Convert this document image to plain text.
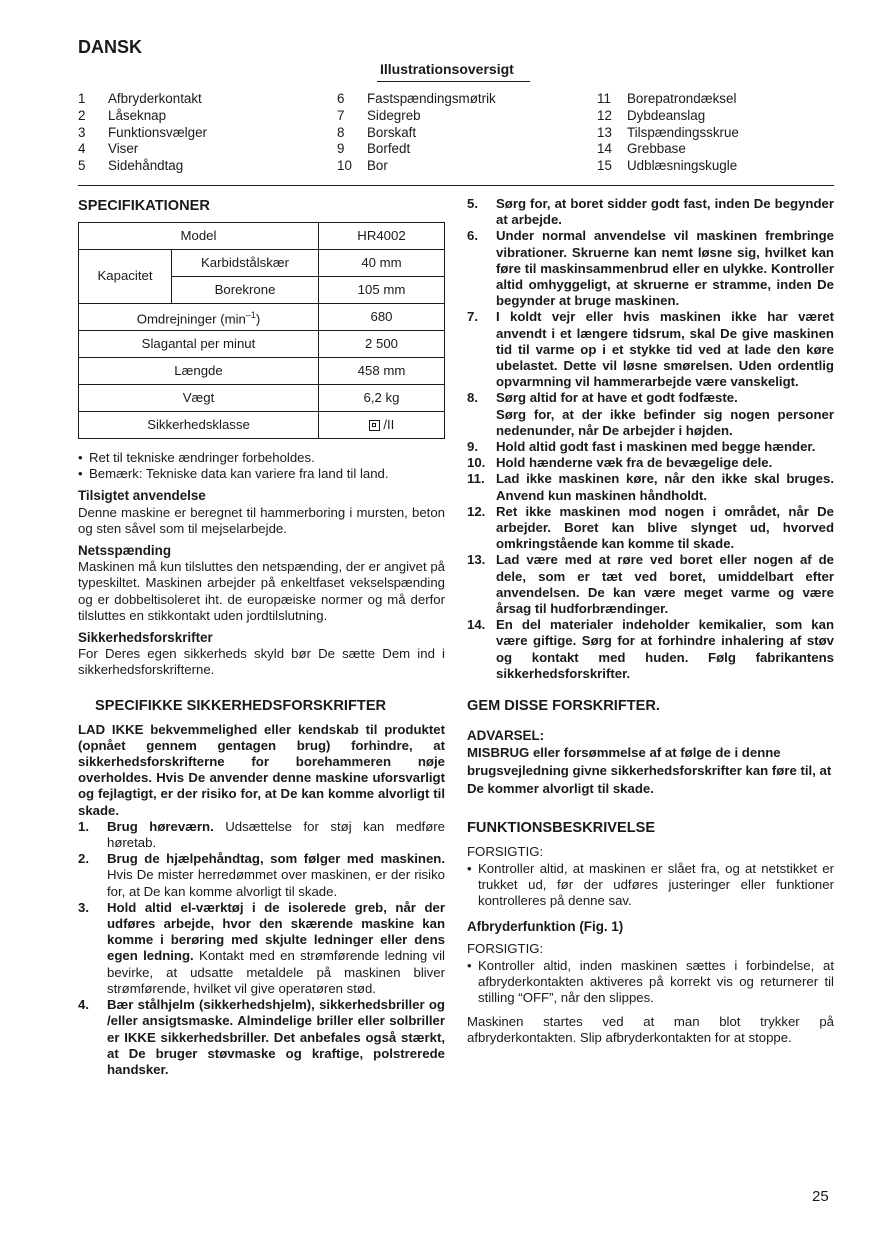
DANSK
Illustrationsoversigt
1	Afbryderkontakt
2	Låseknap
3	Funktionsvælger
4	Viser
5	Sidehåndtag
6	Fastspændingsmøtrik
7	Sidegreb
8	Borskaft
9	Borfedt
10	Bor
11	Borepatrondæksel
12	Dybdeanslag
13	Tilspændingsskrue
14	Grebbase
15	Udblæsningskugle
SPECIFIKATIONER
Model		HR4002
Kapacitet	Karbidstålskær	40 mm
	Borekrone	105 mm
Omdrejninger $(\min^{-1})$		680
Slagantal per minut		2 500
Længde		458 mm
Vægt		6,2 kg
Sikkerhedsklasse		/II
• Ret til tekniske ændringer forbeholdes.
• Bemærk: Tekniske data kan variere fra land til land.
Tilsigtet anvendelse

Denne maskine er beregnet til hammerboring i mursten, beton og sten såvel som til mejselarbejde.

Netsspænding

Maskinen må kun tilsluttes den netspænding, der er angivet på typeskiltet. Maskinen arbejder på enkeltfaset vekselspænding og er dobbeltisoleret iht. de europæiske normer og må derfor tilsluttes en stikkontakt uden jordtilslutning.

Sikkerhedsforskrifter

For Deres egen sikkerheds skyld bør De sætte Dem ind i sikkerhedsforskrifterne.

SPECIFIKKE SIKKERHEDSFORSKRIFTER

LAD IKKE bekvemmelighed eller kendskab til produktet (opnået gennem gentagen brug) forhindre, at sikkerhedsforskrifterne for borehammeren nøje overholdes. Hvis De anvender denne maskine uforsvarligt og fejlagtigt, er der risiko for, at De kan komme alvorligt til skade.

1.	Brug høreværn. Udsættelse for støj kan medføre høretab.
2.	Brug de hjælpehåndtag, som følger med maskinen. Hvis De mister herredømmet over maskinen, er der risiko for, at De kan komme alvorligt til skade.
3.	Hold altid el-værktøj i de isolerede greb, når der udføres arbejde, hvor den skærende maskine kan komme i berøring med skjulte ledninger eller dens egen ledning. Kontakt med en strømførende ledning vil bevirke, at udsatte metaldele på maskinen bliver strømførende, hvilket vil give operatøren stød.
4.	Bær stålhjelm (sikkerhedshjelm), sikkerhedsbriller og /eller ansigtsmaske. Almindelige briller eller solbriller er IKKE sikkerhedsbriller. Det anbefales også stærkt, at De bruger støvmaske og kraftige, polstrerede handsker.
5.	Sørg for, at boret sidder godt fast, inden De begynder at arbejde.
6.	Under normal anvendelse vil maskinen frembringe vibrationer. Skruerne kan nemt løsne sig, hvilket kan føre til maskinsammenbrud eller en ulykke. Kontroller altid omhyggeligt, at skruerne er stramme, inden De begynder at bruge maskinen.
7.	I koldt vejr eller hvis maskinen ikke har været anvendt i et længere tidsrum, skal De give maskinen tid til varme op i et stykke tid ved at lade den køre ubelastet. Dette vil løsne smørelsen. Uden ordentlig opvarmning vil hammerarbejde være vanskeligt.
8.	Sørg altid for at have et godt fodfæste.
Sørg for, at der ikke befinder sig nogen personer nedenunder, når De arbejder i højden.
9.	Hold altid godt fast i maskinen med begge hænder.
10. Hold hænderne væk fra de bevægelige dele.
11. Lad ikke maskinen køre, når den ikke skal bruges. Anvend kun maskinen håndholdt.
12. Ret ikke maskinen mod nogen i området, når De arbejder. Boret kan blive slynget ud, hvorved omkringstående kan komme til skade.
13. Lad være med at røre ved boret eller nogen af de dele, som er tæt ved boret, umiddelbart efter anvendelsen. De kan være meget varme og være årsag til hudforbrændinger.
14. En del materialer indeholder kemikalier, som kan være giftige. Sørg for at forhindre inhalering af støv og kontakt med huden. Følg fabrikantens sikkerhedsforskrifter.
GEM DISSE FORSKRIFTER.
ADVARSEL:

MISBRUG eller forsømmelse af at følge de i denne brugsvejledning givne sikkerhedsforskrifter kan føre til, at De kommer alvorligt til skade.

FUNKTIONSBESKRIVELSE

FORSIGTIG:

• Kontroller altid, at maskinen er slået fra, og at netstikket er trukket ud, før der udføres justeringer eller funktioner kontrolleres på denne sav.
Afbryderfunktion (Fig. 1)

FORSIGTIG:

• Kontroller altid, inden maskinen sættes i forbindelse, at afbryderkontakten aktiveres på korrekt vis og returnerer til stilling “OFF”, når den slippes.

Maskinen startes ved at man blot trykker på afbryderkontakten. Slip afbryderkontakten for at stoppe.

25
